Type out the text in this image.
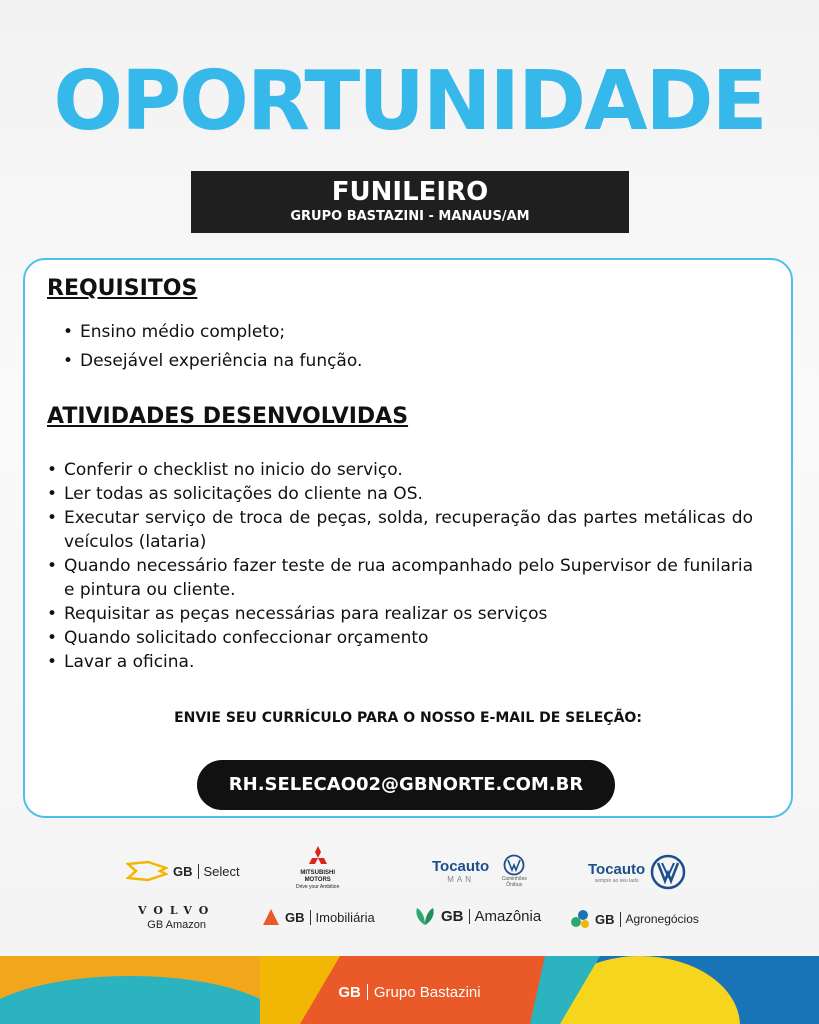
OPORTUNIDADE
FUNILEIRO
GRUPO BASTAZINI - MANAUS/AM
REQUISITOS
• Ensino médio completo;
• Desejável experiência na função.
ATIVIDADES DESENVOLVIDAS
• Conferir o checklist no inicio do serviço.
• Ler todas as solicitações do cliente na OS.
• Executar serviço de troca de peças, solda, recuperação das partes metálicas do veículos (lataria)
• Quando necessário fazer teste de rua acompanhado pelo Supervisor de funilaria e pintura ou cliente.
• Requisitar as peças necessárias para realizar os serviços
• Quando solicitado confeccionar orçamento
• Lavar a oficina.
ENVIE SEU CURRÍCULO PARA O NOSSO E-MAIL DE SELEÇÃO:
RH.SELECAO02@GBNORTE.COM.BR
GB Select	MITSUBISHI
MOTORS
Drive your Ambition
Tocauto
MAN	Caminhões Ônibus
Tocauto
sempre ao seu lado
VOLVO
GB Amazon
GB Imobiliária	GB Amazônia	GB Agronegócios
GB Grupo Bastazini
